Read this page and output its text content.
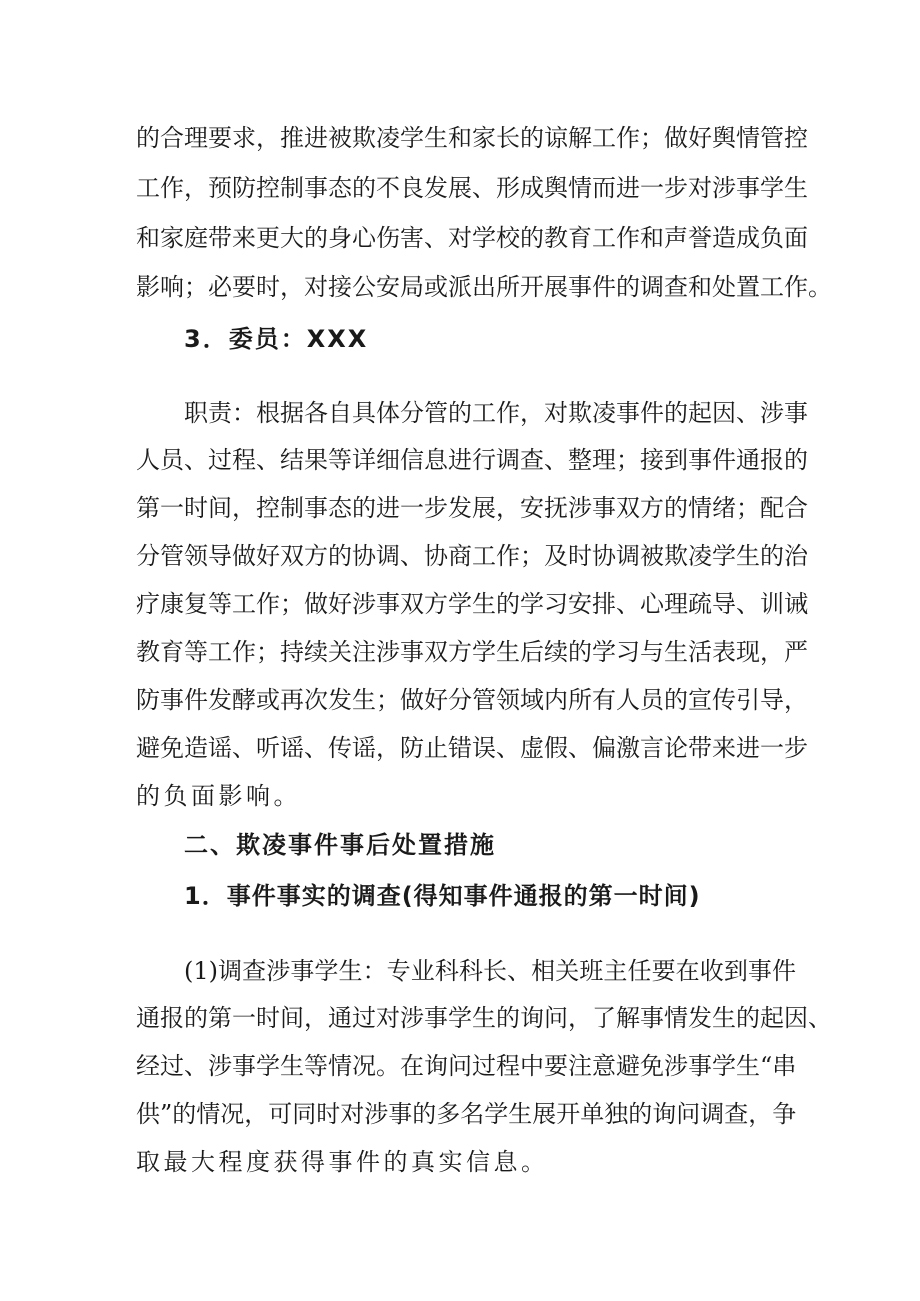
的合理要求，推进被欺凌学生和家长的谅解工作；做好舆情管控
工作，预防控制事态的不良发展、形成舆情而进一步对涉事学生
和家庭带来更大的身心伤害、对学校的教育工作和声誉造成负面
影响；必要时，对接公安局或派出所开展事件的调查和处置工作。
3．委员：XXX
职责：根据各自具体分管的工作，对欺凌事件的起因、涉事
人员、过程、结果等详细信息进行调查、整理；接到事件通报的
第一时间，控制事态的进一步发展，安抚涉事双方的情绪；配合
分管领导做好双方的协调、协商工作；及时协调被欺凌学生的治
疗康复等工作；做好涉事双方学生的学习安排、心理疏导、训诫
教育等工作；持续关注涉事双方学生后续的学习与生活表现，严
防事件发酵或再次发生；做好分管领域内所有人员的宣传引导，
避免造谣、听谣、传谣，防止错误、虚假、偏激言论带来进一步
的负面影响。
二、欺凌事件事后处置措施
1．事件事实的调查(得知事件通报的第一时间)
(1)调查涉事学生：专业科科长、相关班主任要在收到事件
通报的第一时间，通过对涉事学生的询问，了解事情发生的起因、
经过、涉事学生等情况。在询问过程中要注意避免涉事学生“串
供”的情况，可同时对涉事的多名学生展开单独的询问调查，争
取最大程度获得事件的真实信息。
